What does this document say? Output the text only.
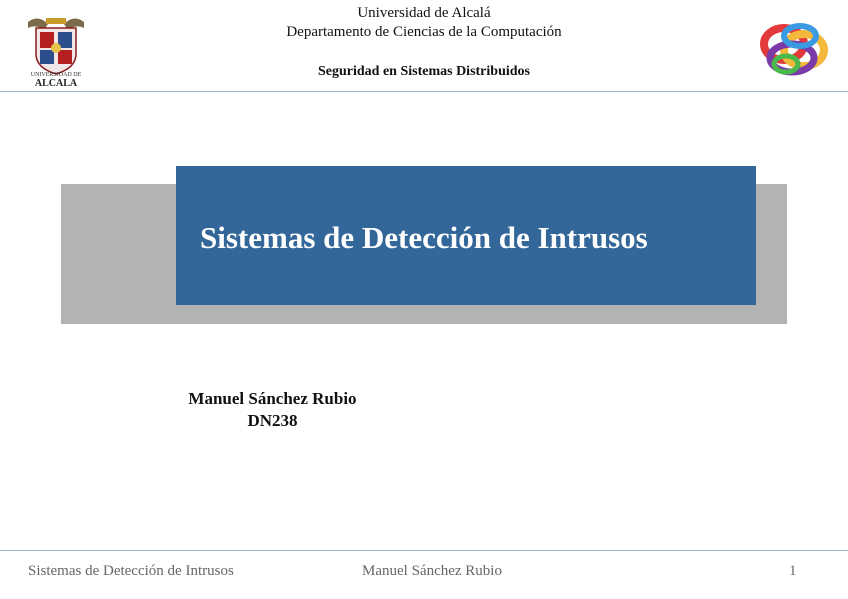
Universidad de Alcalá
Departamento de Ciencias de la Computación
Seguridad en Sistemas Distribuidos
UNIVERSIDAD DE
ALCALA
Sistemas de Detección de Intrusos
Manuel Sánchez Rubio
DN238
Sistemas de Detección de Intrusos	Manuel Sánchez Rubio	1
